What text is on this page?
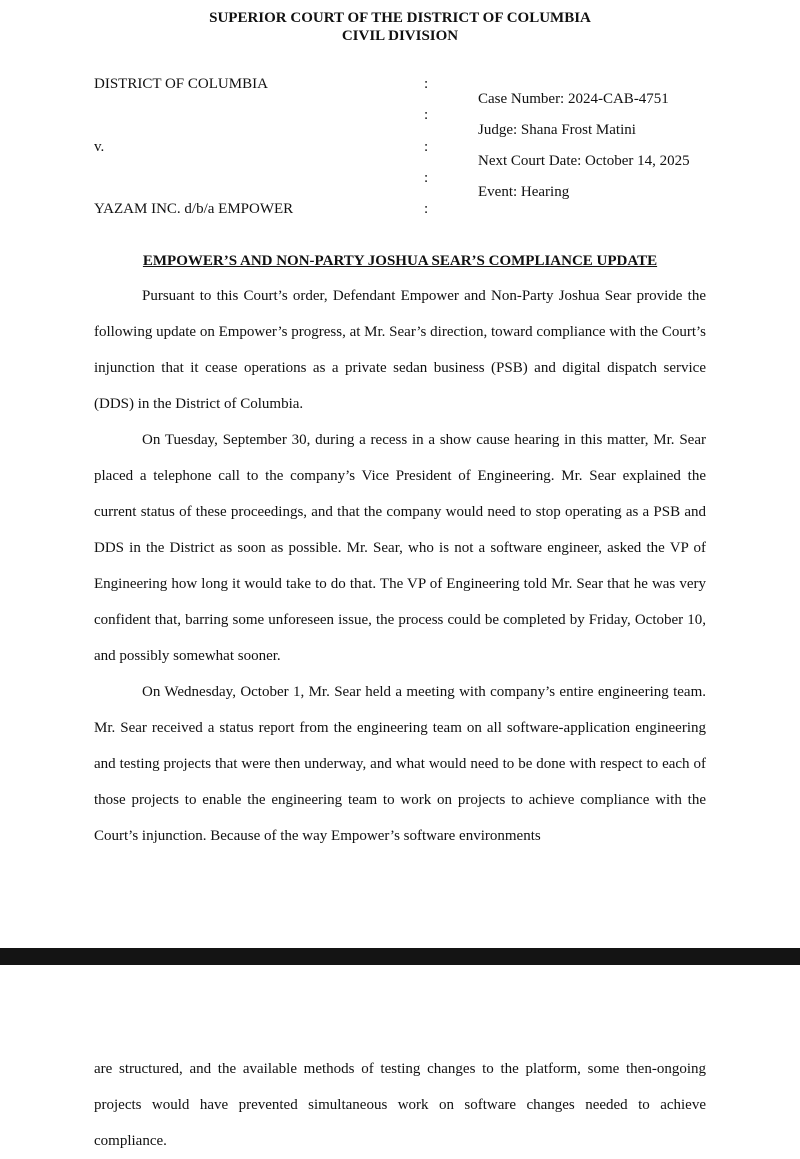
SUPERIOR COURT OF THE DISTRICT OF COLUMBIA
CIVIL DIVISION
DISTRICT OF COLUMBIA
v.
YAZAM INC. d/b/a EMPOWER
:
:
:
:
:
Case Number: 2024-CAB-4751
Judge: Shana Frost Matini
Next Court Date: October 14, 2025
Event: Hearing
EMPOWER’S AND NON-PARTY JOSHUA SEAR’S COMPLIANCE UPDATE

Pursuant to this Court’s order, Defendant Empower and Non-Party Joshua Sear provide the following update on Empower’s progress, at Mr. Sear’s direction, toward compliance with the Court’s injunction that it cease operations as a private sedan business (PSB) and digital dispatch service (DDS) in the District of Columbia.

On Tuesday, September 30, during a recess in a show cause hearing in this matter, Mr. Sear placed a telephone call to the company’s Vice President of Engineering. Mr. Sear explained the current status of these proceedings, and that the company would need to stop operating as a PSB and DDS in the District as soon as possible. Mr. Sear, who is not a software engineer, asked the VP of Engineering how long it would take to do that. The VP of Engineering told Mr. Sear that he was very confident that, barring some unforeseen issue, the process could be completed by Friday, October 10, and possibly somewhat sooner.

On Wednesday, October 1, Mr. Sear held a meeting with company’s entire engineering team. Mr. Sear received a status report from the engineering team on all software-application engineering and testing projects that were then underway, and what would need to be done with respect to each of those projects to enable the engineering team to work on projects to achieve compliance with the Court’s injunction. Because of the way Empower’s software environments

are structured, and the available methods of testing changes to the platform, some then-ongoing projects would have prevented simultaneous work on software changes needed to achieve compliance.
